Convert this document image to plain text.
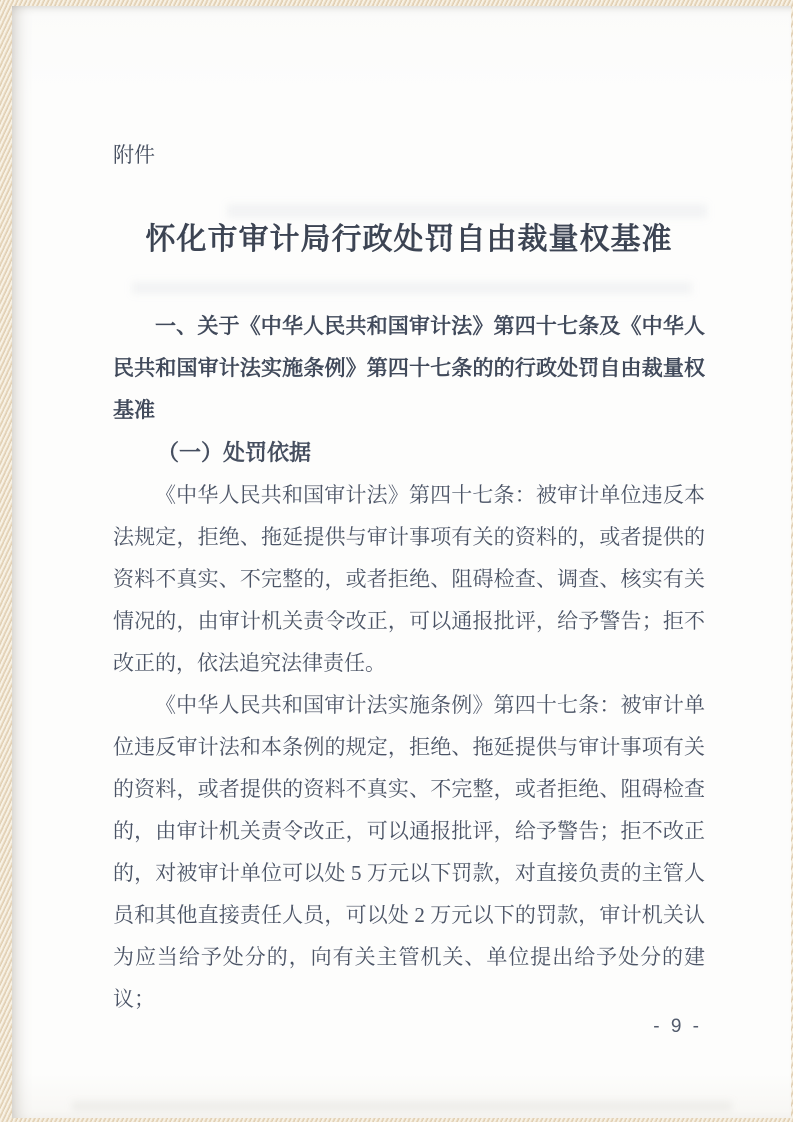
附件
怀化市审计局行政处罚自由裁量权基准

一、关于《中华人民共和国审计法》第四十七条及《中华人民共和国审计法实施条例》第四十七条的的行政处罚自由裁量权基准

（一）处罚依据

《中华人民共和国审计法》第四十七条：被审计单位违反本法规定，拒绝、拖延提供与审计事项有关的资料的，或者提供的资料不真实、不完整的，或者拒绝、阻碍检查、调查、核实有关情况的，由审计机关责令改正，可以通报批评，给予警告；拒不改正的，依法追究法律责任。

《中华人民共和国审计法实施条例》第四十七条：被审计单位违反审计法和本条例的规定，拒绝、拖延提供与审计事项有关的资料，或者提供的资料不真实、不完整，或者拒绝、阻碍检查的，由审计机关责令改正，可以通报批评，给予警告；拒不改正的，对被审计单位可以处 5 万元以下罚款，对直接负责的主管人员和其他直接责任人员，可以处 2 万元以下的罚款，审计机关认为应当给予处分的，向有关主管机关、单位提出给予处分的建议；

- 9 -
